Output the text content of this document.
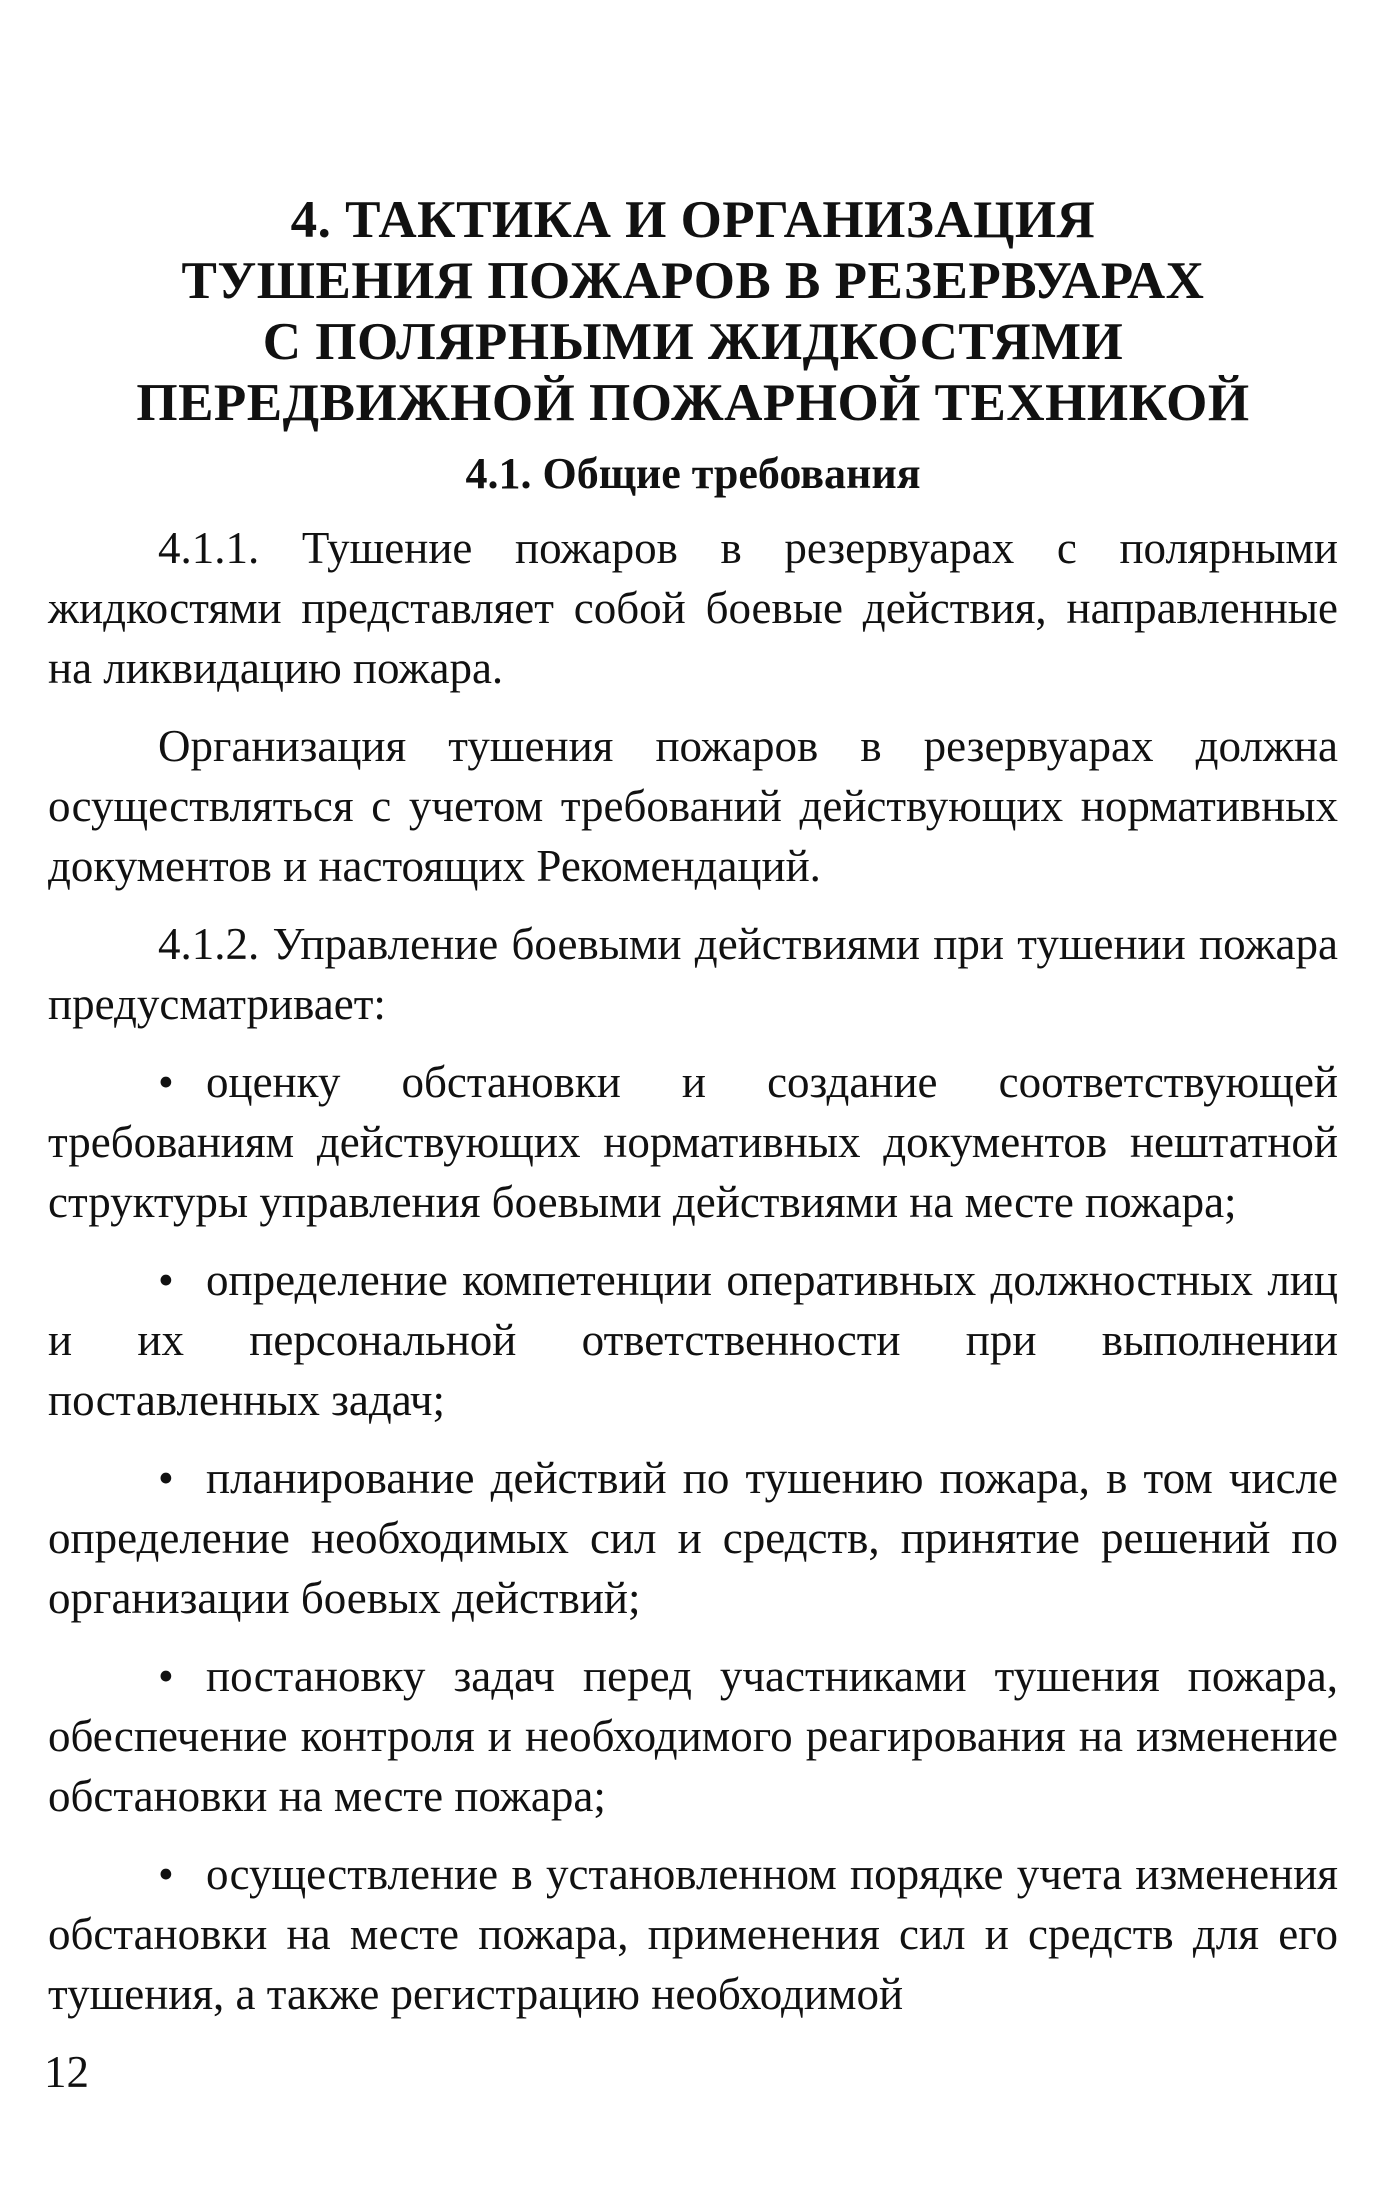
4. ТАКТИКА И ОРГАНИЗАЦИЯ
ТУШЕНИЯ ПОЖАРОВ В РЕЗЕРВУАРАХ
С ПОЛЯРНЫМИ ЖИДКОСТЯМИ
ПЕРЕДВИЖНОЙ ПОЖАРНОЙ ТЕХНИКОЙ
4.1. Общие требования

4.1.1. Тушение пожаров в резервуарах с полярными жидкостями представляет собой боевые действия, направленные на ликвидацию пожара.

Организация тушения пожаров в резервуарах должна осуществляться с учетом требований действующих нормативных документов и настоящих Рекомендаций.

4.1.2. Управление боевыми действиями при тушении пожара предусматривает:

• оценку обстановки и создание соответствующей требованиям действующих нормативных документов нештатной структуры управления боевыми действиями на месте пожара;

• определение компетенции оперативных должностных лиц и их персональной ответственности при выполнении поставленных задач;

• планирование действий по тушению пожара, в том числе определение необходимых сил и средств, принятие решений по организации боевых действий;

• постановку задач перед участниками тушения пожара, обеспечение контроля и необходимого реагирования на изменение обстановки на месте пожара;

• осуществление в установленном порядке учета изменения обстановки на месте пожара, применения сил и средств для его тушения, а также регистрацию необходимой

12
